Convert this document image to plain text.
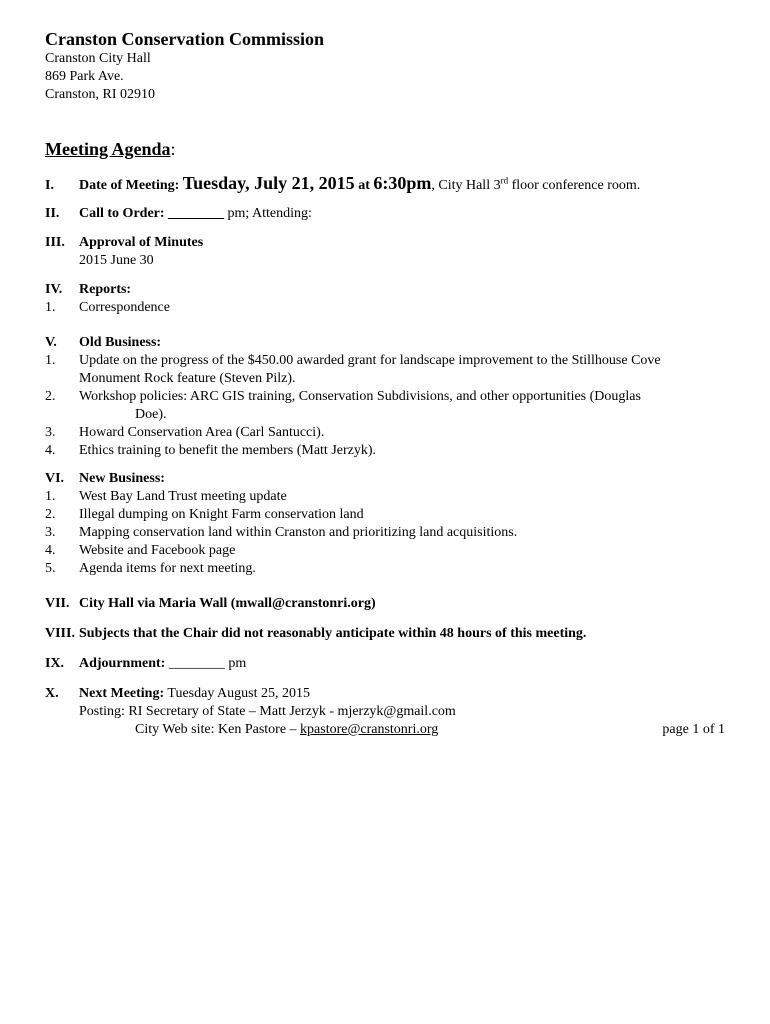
Cranston Conservation Commission
Cranston City Hall
869 Park Ave.
Cranston, RI 02910
Meeting Agenda:
I.	Date of Meeting: Tuesday, July 21, 2015 at 6:30pm, City Hall 3rd floor conference room.
II.	Call to Order: ________ pm; Attending:
III.	Approval of Minutes
2015 June 30
IV.	Reports:
1.	Correspondence
V.	Old Business:
1.	Update on the progress of the $450.00 awarded grant for landscape improvement to the Stillhouse Cove
Monument Rock feature (Steven Pilz).
2.	Workshop policies: ARC GIS training, Conservation Subdivisions, and other opportunities (Douglas
Doe).
3.	Howard Conservation Area (Carl Santucci).
4.	Ethics training to benefit the members (Matt Jerzyk).
VI.	New Business:
1.	West Bay Land Trust meeting update
2.	Illegal dumping on Knight Farm conservation land
3.	Mapping conservation land within Cranston and prioritizing land acquisitions.
4.	Website and Facebook page
5.	Agenda items for next meeting.
VII. City Hall via Maria Wall (mwall@cranstonri.org)
VIII. Subjects that the Chair did not reasonably anticipate within 48 hours of this meeting.
IX.	Adjournment: ________ pm
X.	Next Meeting: Tuesday August 25, 2015
Posting: RI Secretary of State – Matt Jerzyk - mjerzyk@gmail.com
City Web site: Ken Pastore – kpastore@cranstonri.org	page 1 of 1
